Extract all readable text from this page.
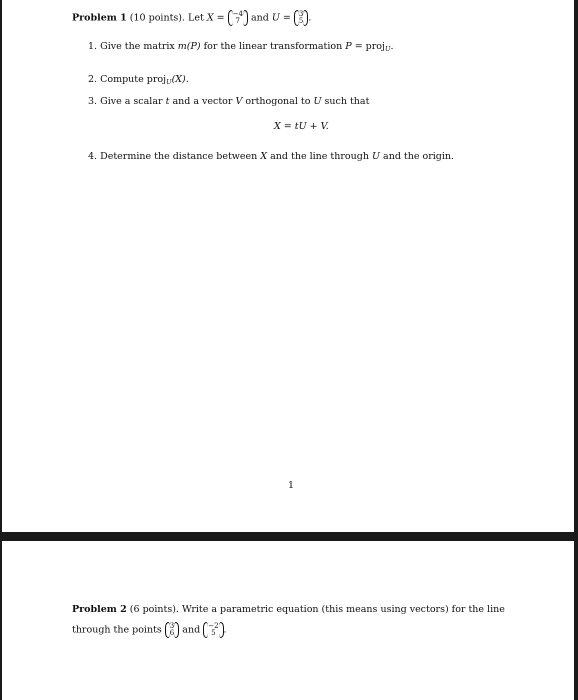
Problem 1 (10 points). Let X = −4
7	and U = 3
5 .
1. Give the matrix m(P) for the linear transformation P = proj$_U$.
2. Compute proj$_U$(X).
3. Give a scalar t and a vector V orthogonal to U such that
X = tU + V.
4. Determine the distance between X and the line through U and the origin.
1
Problem 2 (6 points). Write a parametric equation (this means using vectors) for the line
through the points 3
6 and −2
5 .
